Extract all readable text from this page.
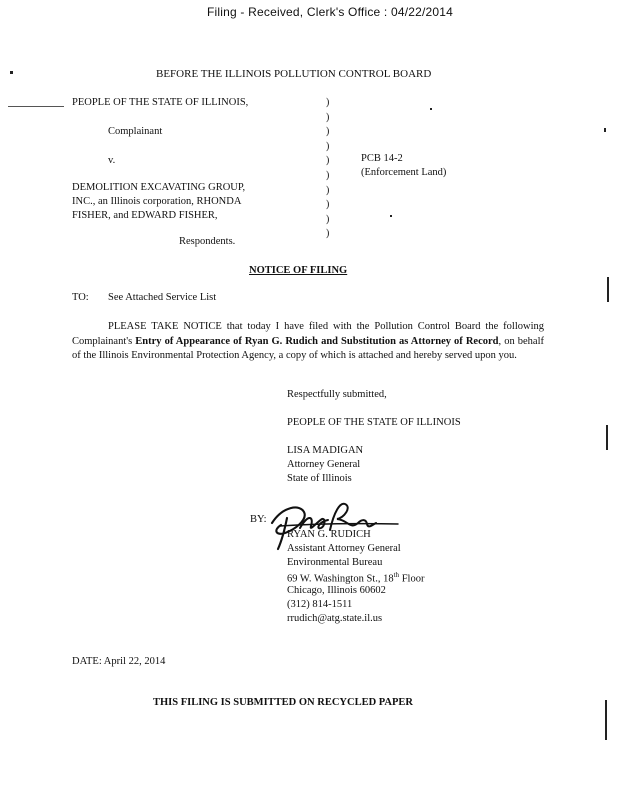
Filing - Received, Clerk's Office : 04/22/2014
BEFORE THE ILLINOIS POLLUTION CONTROL BOARD
PEOPLE OF THE STATE OF ILLINOIS,
Complainant
v.
DEMOLITION EXCAVATING GROUP,
INC., an Illinois corporation, RHONDA
FISHER, and EDWARD FISHER,
Respondents.
)
)
)
)
)
)
)
)
)
)
PCB 14-2
(Enforcement Land)
NOTICE OF FILING
TO: See Attached Service List

PLEASE TAKE NOTICE that today I have filed with the Pollution Control Board the following Complainant's Entry of Appearance of Ryan G. Rudich and Substitution as Attorney of Record, on behalf of the Illinois Environmental Protection Agency, a copy of which is attached and hereby served upon you.

Respectfully submitted,
PEOPLE OF THE STATE OF ILLINOIS
LISA MADIGAN
Attorney General
State of Illinois
BY:
RYAN G. RUDICH
Assistant Attorney General
Environmental Bureau
69 W. Washington St., 18th Floor
Chicago, Illinois 60602
(312) 814-1511
rrudich@atg.state.il.us
DATE: April 22, 2014
THIS FILING IS SUBMITTED ON RECYCLED PAPER
